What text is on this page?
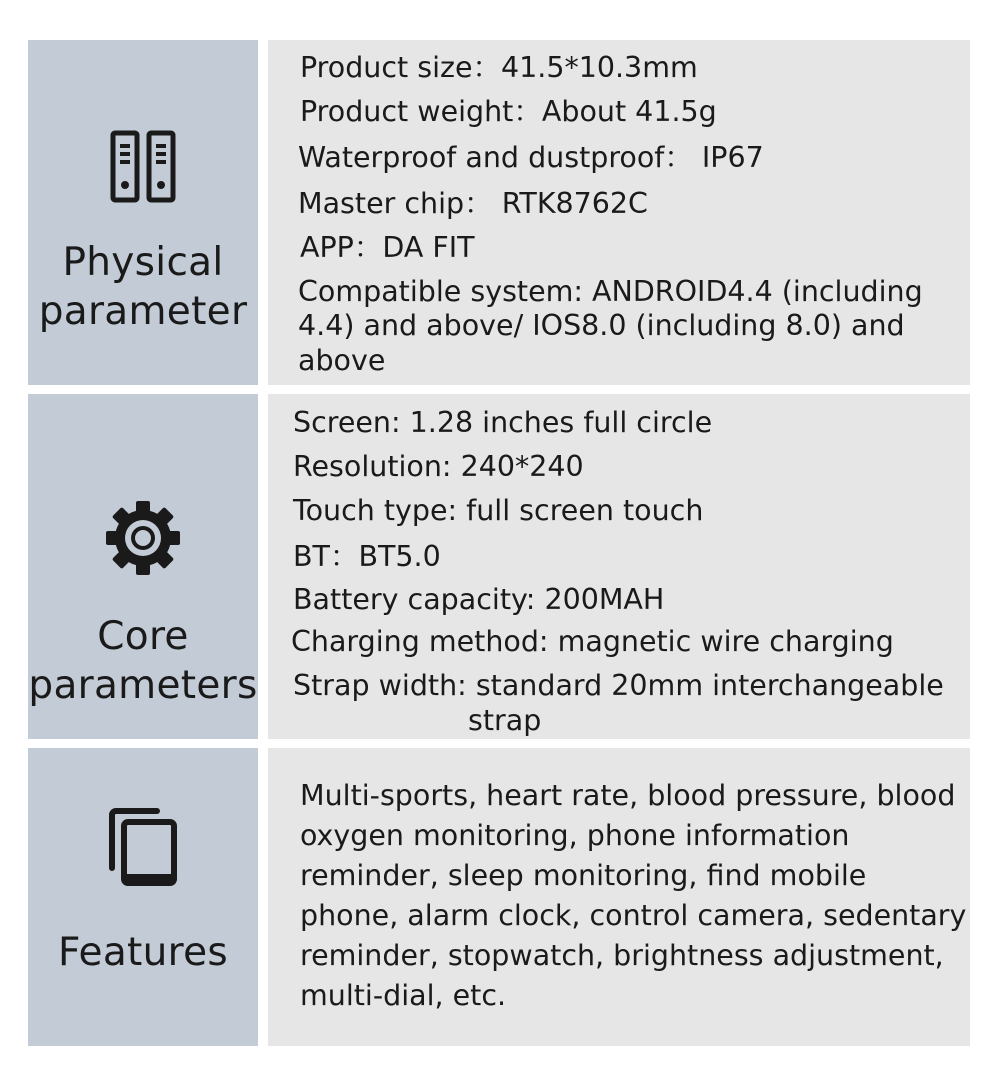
Physical
parameter
Product size：41.5*10.3mm
Product weight：About 41.5g
Waterproof and dustproof： IP67
Master chip： RTK8762C
APP：DA FIT
Compatible system: ANDROID4.4 (including
4.4) and above/ IOS8.0 (including 8.0) and
above
Core
parameters
Screen: 1.28 inches full circle
Resolution: 240*240
Touch type: full screen touch
BT：BT5.0
Battery capacity: 200MAH
Charging method: magnetic wire charging
Strap width: standard 20mm interchangeable
strap
Features
Multi-sports, heart rate, blood pressure, blood oxygen monitoring, phone information reminder, sleep monitoring, find mobile phone, alarm clock, control camera, sedentary reminder, stopwatch, brightness adjustment, multi-dial, etc.
